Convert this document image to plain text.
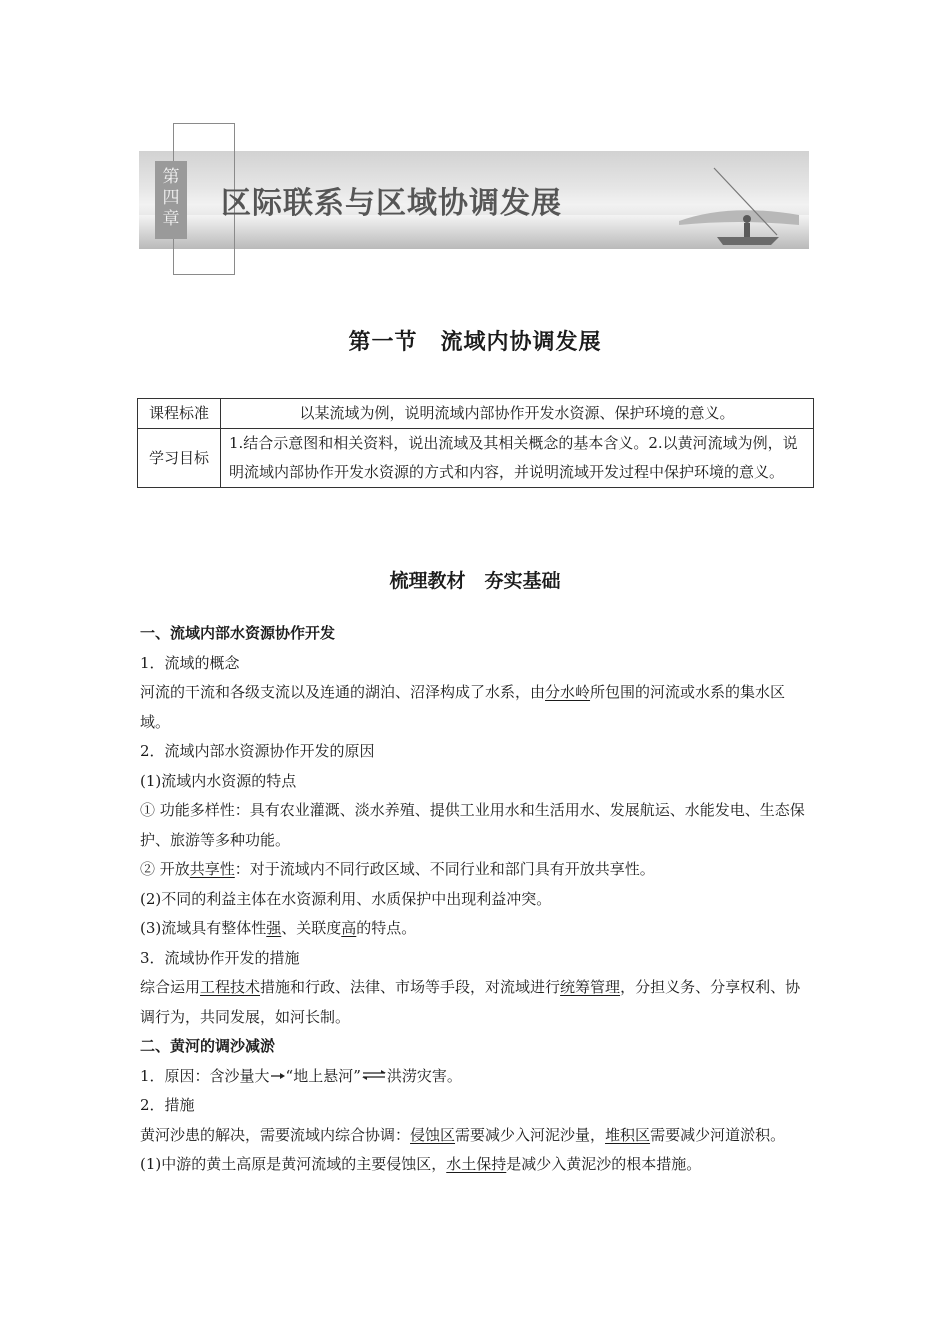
第
四
章 区际联系与区域协调发展
第一节　流域内协调发展
课程标准	以某流域为例，说明流域内部协作开发水资源、保护环境的意义。
学习目标	1.结合示意图和相关资料，说出流域及其相关概念的基本含义。2.以黄河流域为例，说明流域内部协作开发水资源的方式和内容，并说明流域开发过程中保护环境的意义。
梳理教材　夯实基础

一、流域内部水资源协作开发

1．流域的概念

河流的干流和各级支流以及连通的湖泊、沼泽构成了水系，由分水岭所包围的河流或水系的集水区域。

2．流域内部水资源协作开发的原因

(1)流域内水资源的特点

① 功能多样性：具有农业灌溉、淡水养殖、提供工业用水和生活用水、发展航运、水能发电、生态保护、旅游等多种功能。

② 开放共享性：对于流域内不同行政区域、不同行业和部门具有开放共享性。

(2)不同的利益主体在水资源利用、水质保护中出现利益冲突。

(3)流域具有整体性强、关联度高的特点。

3．流域协作开发的措施

综合运用工程技术措施和行政、法律、市场等手段，对流域进行统筹管理，分担义务、分享权利、协调行为，共同发展，如河长制。

二、黄河的调沙减淤

1．原因：含沙量大 “地上悬河” 洪涝灾害。

2．措施

黄河沙患的解决，需要流域内综合协调：侵蚀区需要减少入河泥沙量，堆积区需要减少河道淤积。

(1)中游的黄土高原是黄河流域的主要侵蚀区，水土保持是减少入黄泥沙的根本措施。
